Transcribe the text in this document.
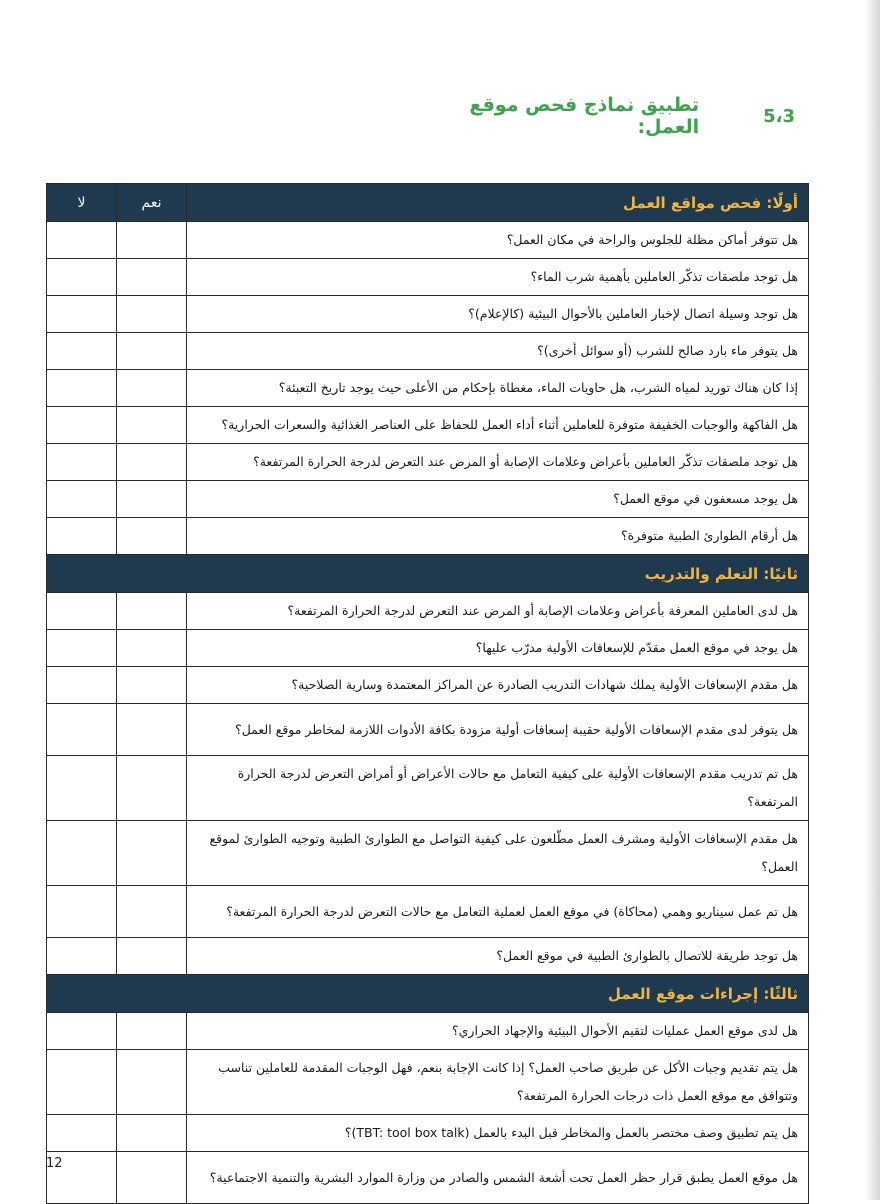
5،3
تطبيق نماذج فحص موقع العمل:
أولًا: فحص مواقع العمل	نعم	لا
هل تتوفر أماكن مظلة للجلوس والراحة في مكان العمل؟		
هل توجد ملصقات تذكّر العاملين بأهمية شرب الماء؟		
هل توجد وسيلة اتصال لإخبار العاملين بالأحوال البيئية (كالإعلام)؟		
هل يتوفر ماء بارد صالح للشرب (أو سوائل أخرى)؟		
إذا كان هناك توريد لمياه الشرب، هل حاويات الماء، مغطاة بإحكام من الأعلى حيث يوجد تاريخ التعبئة؟		
هل الفاكهة والوجبات الخفيفة متوفرة للعاملين أثناء أداء العمل للحفاظ على العناصر الغذائية والسعرات الحرارية؟		
هل توجد ملصقات تذكّر العاملين بأعراض وعلامات الإصابة أو المرض عند التعرض لدرجة الحرارة المرتفعة؟		
هل يوجد مسعفون في موقع العمل؟		
هل أرقام الطوارئ الطبية متوفرة؟		
ثانيًا: التعلم والتدريب		
هل لدى العاملين المعرفة بأعراض وعلامات الإصابة أو المرض عند التعرض لدرجة الحرارة المرتفعة؟		
هل يوجد في موقع العمل مقدّم للإسعافات الأولية مدرّب عليها؟		
هل مقدم الإسعافات الأولية يملك شهادات التدريب الصادرة عن المراكز المعتمدة وسارية الصلاحية؟		
هل يتوفر لدى مقدم الإسعافات الأولية حقيبة إسعافات أولية مزودة بكافة الأدوات اللازمة لمخاطر موقع العمل؟		
هل تم تدريب مقدم الإسعافات الأولية على كيفية التعامل مع حالات الأعراض أو أمراض التعرض لدرجة الحرارة المرتفعة؟		
هل مقدم الإسعافات الأولية ومشرف العمل مطّلعون على كيفية التواصل مع الطوارئ الطبية وتوجيه الطوارئ لموقع العمل؟		
هل تم عمل سيناريو وهمي (محاكاة) في موقع العمل لعملية التعامل مع حالات التعرض لدرجة الحرارة المرتفعة؟		
هل توجد طريقة للاتصال بالطوارئ الطبية في موقع العمل؟		
ثالثًا: إجراءات موقع العمل		
هل لدى موقع العمل عمليات لتقيم الأحوال البيئية والإجهاد الحراري؟		
هل يتم تقديم وجبات الأكل عن طريق صاحب العمل؟ إذا كانت الإجابة بنعم، فهل الوجبات المقدمة للعاملين تناسب وتتوافق مع موقع العمل ذات درجات الحرارة المرتفعة؟		
هل يتم تطبيق وصف مختصر بالعمل والمخاطر قبل البدء بالعمل (TBT: tool box talk)؟		
هل موقع العمل يطبق قرار حظر العمل تحت أشعة الشمس والصادر من وزارة الموارد البشرية والتنمية الاجتماعية؟		
12
